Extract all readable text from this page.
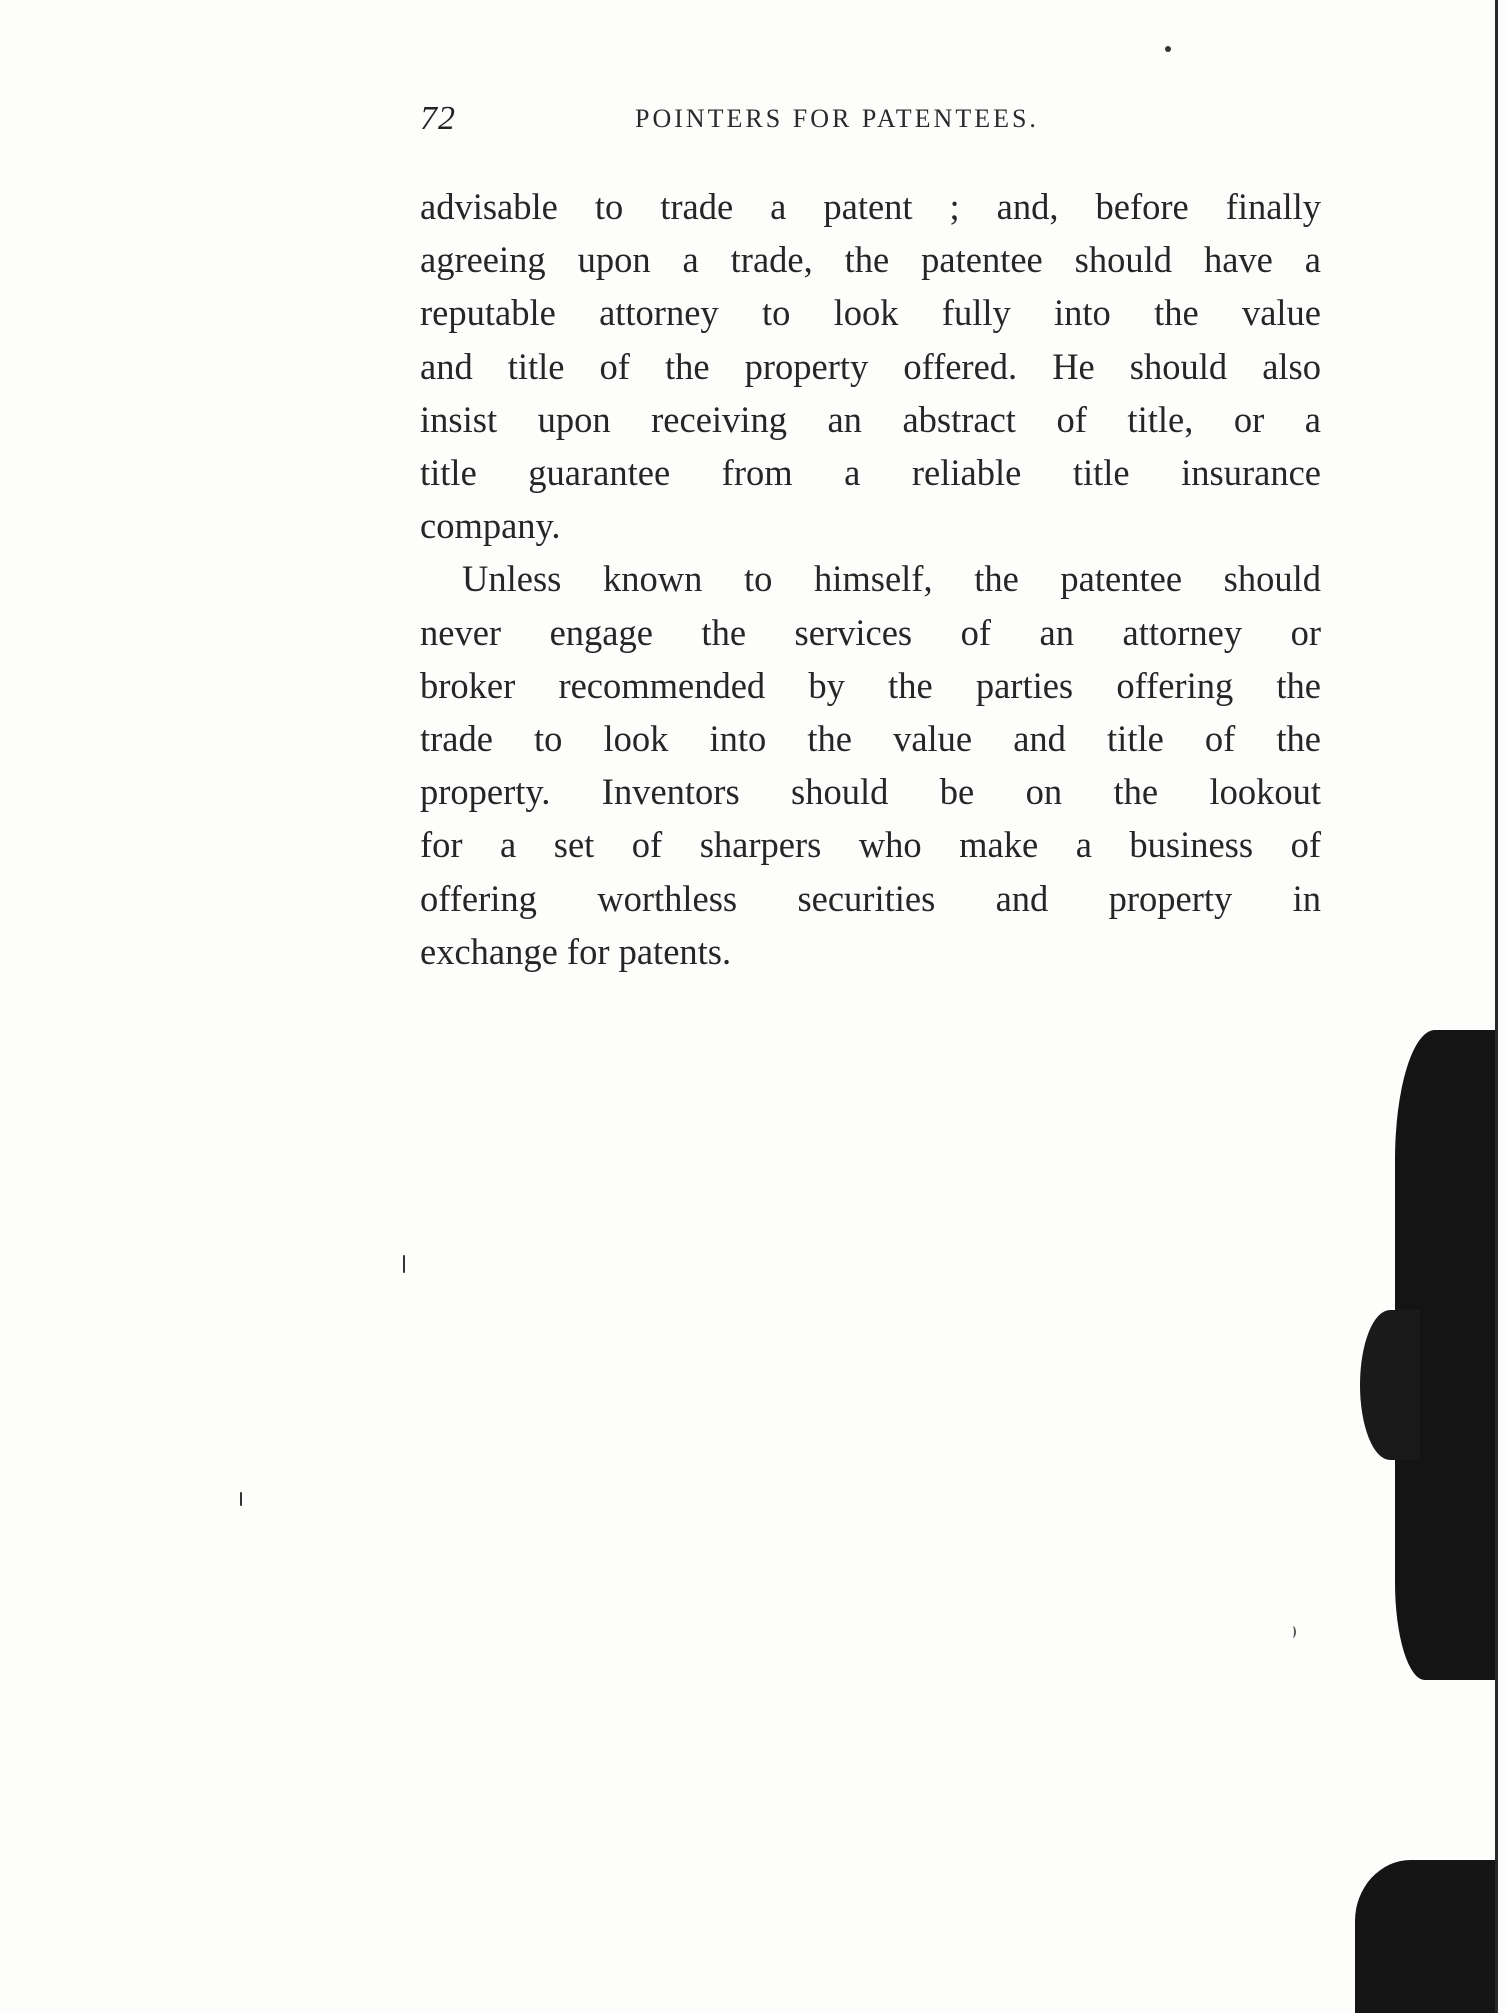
72	POINTERS FOR PATENTEES.
advisable to trade a patent ; and, before finally
agreeing upon a trade, the patentee should have a
reputable attorney to look fully into the value
and title of the property offered. He should also
insist upon receiving an abstract of title, or a
title guarantee from a reliable title insurance
company.
Unless known to himself, the patentee should
never engage the services of an attorney or
broker recommended by the parties offering the
trade to look into the value and title of the
property. Inventors should be on the lookout
for a set of sharpers who make a business of
offering worthless securities and property in
exchange for patents.
